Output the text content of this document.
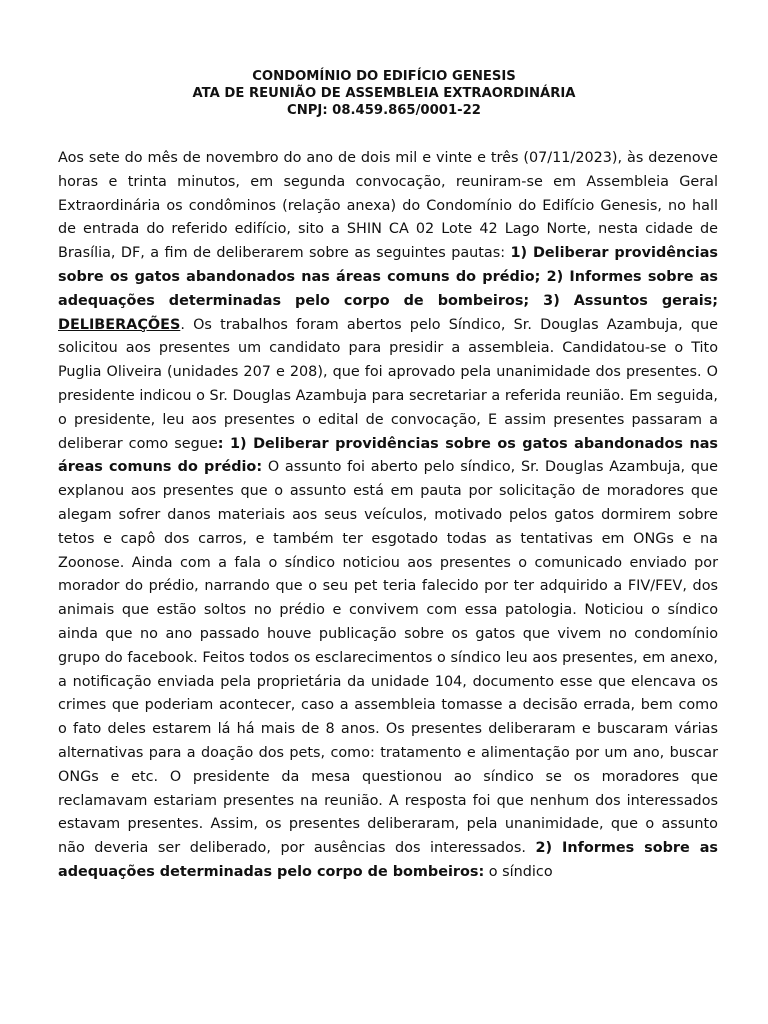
CONDOMÍNIO DO EDIFÍCIO GENESIS
ATA DE REUNIÃO DE ASSEMBLEIA EXTRAORDINÁRIA
CNPJ: 08.459.865/0001-22
Aos sete do mês de novembro do ano de dois mil e vinte e três (07/11/2023), às dezenove horas e trinta minutos, em segunda convocação, reuniram-se em Assembleia Geral Extraordinária os condôminos (relação anexa) do Condomínio do Edifício Genesis, no hall de entrada do referido edifício, sito a SHIN CA 02 Lote 42 Lago Norte, nesta cidade de Brasília, DF, a fim de deliberarem sobre as seguintes pautas: 1) Deliberar providências sobre os gatos abandonados nas áreas comuns do prédio; 2) Informes sobre as adequações determinadas pelo corpo de bombeiros; 3) Assuntos gerais; DELIBERAÇÕES. Os trabalhos foram abertos pelo Síndico, Sr. Douglas Azambuja, que solicitou aos presentes um candidato para presidir a assembleia. Candidatou-se o Tito Puglia Oliveira (unidades 207 e 208), que foi aprovado pela unanimidade dos presentes. O presidente indicou o Sr. Douglas Azambuja para secretariar a referida reunião. Em seguida, o presidente, leu aos presentes o edital de convocação, E assim presentes passaram a deliberar como segue: 1) Deliberar providências sobre os gatos abandonados nas áreas comuns do prédio: O assunto foi aberto pelo síndico, Sr. Douglas Azambuja, que explanou aos presentes que o assunto está em pauta por solicitação de moradores que alegam sofrer danos materiais aos seus veículos, motivado pelos gatos dormirem sobre tetos e capô dos carros, e também ter esgotado todas as tentativas em ONGs e na Zoonose. Ainda com a fala o síndico noticiou aos presentes o comunicado enviado por morador do prédio, narrando que o seu pet teria falecido por ter adquirido a FIV/FEV, dos animais que estão soltos no prédio e convivem com essa patologia. Noticiou o síndico ainda que no ano passado houve publicação sobre os gatos que vivem no condomínio grupo do facebook. Feitos todos os esclarecimentos o síndico leu aos presentes, em anexo, a notificação enviada pela proprietária da unidade 104, documento esse que elencava os crimes que poderiam acontecer, caso a assembleia tomasse a decisão errada, bem como o fato deles estarem lá há mais de 8 anos. Os presentes deliberaram e buscaram várias alternativas para a doação dos pets, como: tratamento e alimentação por um ano, buscar ONGs e etc. O presidente da mesa questionou ao síndico se os moradores que reclamavam estariam presentes na reunião. A resposta foi que nenhum dos interessados estavam presentes. Assim, os presentes deliberaram, pela unanimidade, que o assunto não deveria ser deliberado, por ausências dos interessados. 2) Informes sobre as adequações determinadas pelo corpo de bombeiros: o síndico
